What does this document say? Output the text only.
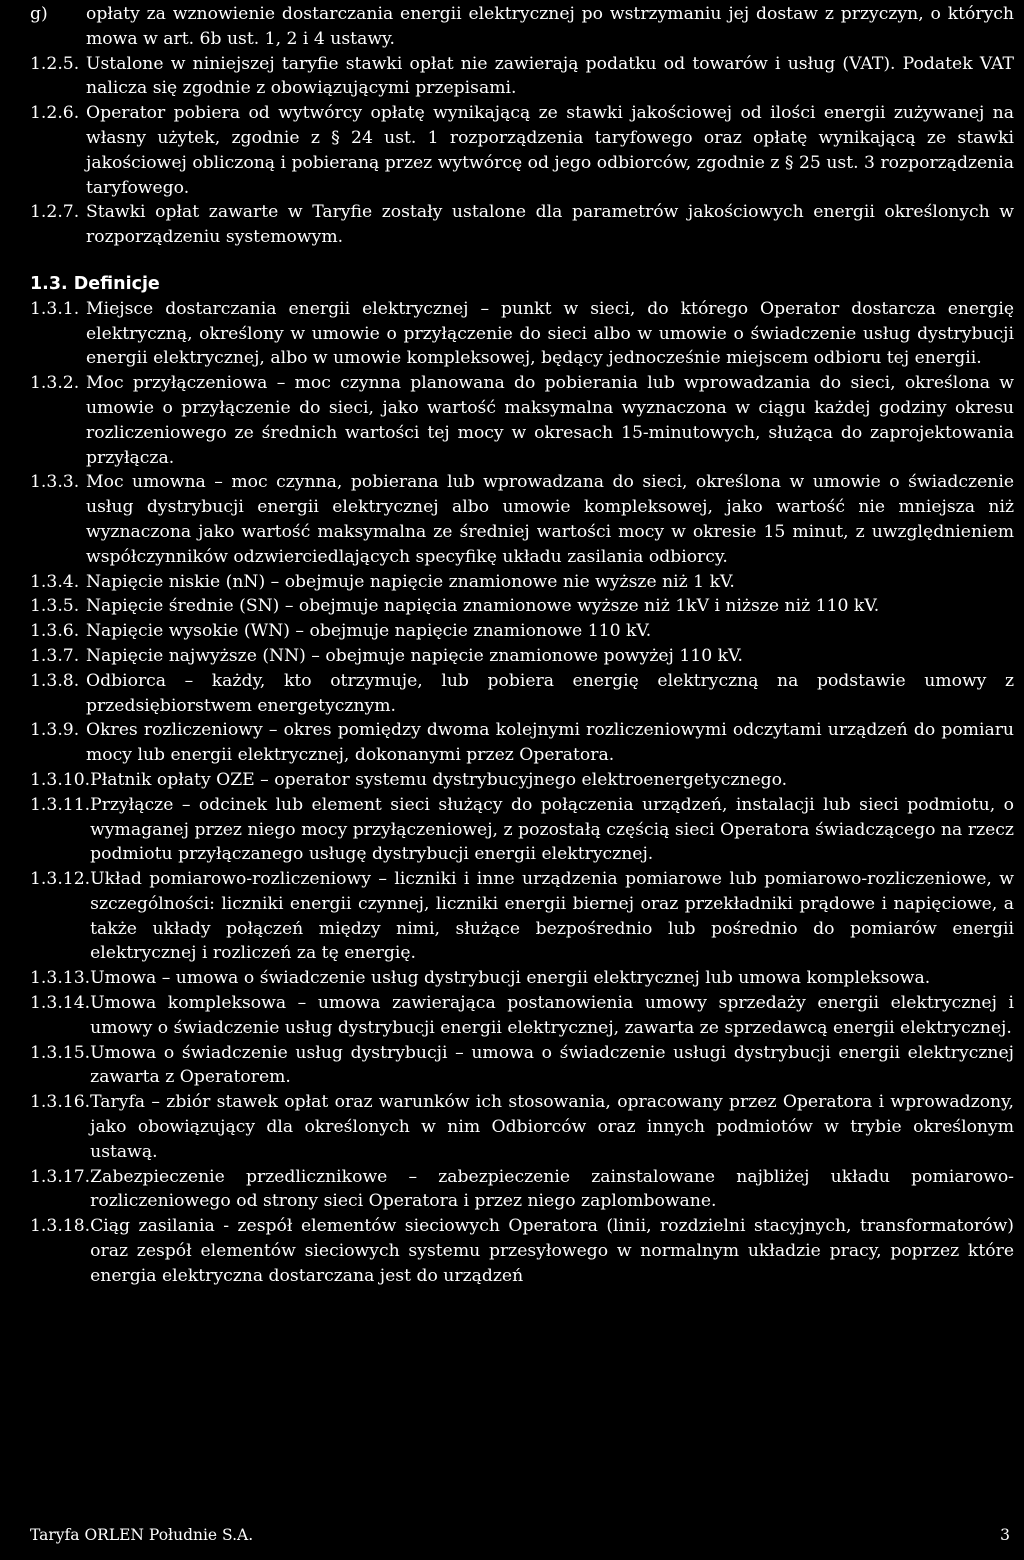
g)	opłaty za wznowienie dostarczania energii elektrycznej po wstrzymaniu jej dostaw z przyczyn, o których mowa w art. 6b ust. 1, 2 i 4 ustawy.
1.2.5. Ustalone w niniejszej taryfie stawki opłat nie zawierają podatku od towarów i usług (VAT). Podatek VAT nalicza się zgodnie z obowiązującymi przepisami.
1.2.6. Operator pobiera od wytwórcy opłatę wynikającą ze stawki jakościowej od ilości energii zużywanej na własny użytek, zgodnie z § 24 ust. 1 rozporządzenia taryfowego oraz opłatę wynikającą ze stawki jakościowej obliczoną i pobieraną przez wytwórcę od jego odbiorców, zgodnie z § 25 ust. 3 rozporządzenia taryfowego.
1.2.7. Stawki opłat zawarte w Taryfie zostały ustalone dla parametrów jakościowych energii określonych w rozporządzeniu systemowym.
1.3. Definicje
1.3.1. Miejsce dostarczania energii elektrycznej – punkt w sieci, do którego Operator dostarcza energię elektryczną, określony w umowie o przyłączenie do sieci albo w umowie o świadczenie usług dystrybucji energii elektrycznej, albo w umowie kompleksowej, będący jednocześnie miejscem odbioru tej energii.
1.3.2. Moc przyłączeniowa – moc czynna planowana do pobierania lub wprowadzania do sieci, określona w umowie o przyłączenie do sieci, jako wartość maksymalna wyznaczona w ciągu każdej godziny okresu rozliczeniowego ze średnich wartości tej mocy w okresach 15-minutowych, służąca do zaprojektowania przyłącza.
1.3.3. Moc umowna – moc czynna, pobierana lub wprowadzana do sieci, określona w umowie o świadczenie usług dystrybucji energii elektrycznej albo umowie kompleksowej, jako wartość nie mniejsza niż wyznaczona jako wartość maksymalna ze średniej wartości mocy w okresie 15 minut, z uwzględnieniem współczynników odzwierciedlających specyfikę układu zasilania odbiorcy.
1.3.4. Napięcie niskie (nN) – obejmuje napięcie znamionowe nie wyższe niż 1 kV.
1.3.5. Napięcie średnie (SN) – obejmuje napięcia znamionowe wyższe niż 1kV i niższe niż 110 kV.
1.3.6. Napięcie wysokie (WN) – obejmuje napięcie znamionowe 110 kV.
1.3.7. Napięcie najwyższe (NN) – obejmuje napięcie znamionowe powyżej 110 kV.
1.3.8. Odbiorca – każdy, kto otrzymuje, lub pobiera energię elektryczną na podstawie umowy z przedsiębiorstwem energetycznym.
1.3.9. Okres rozliczeniowy – okres pomiędzy dwoma kolejnymi rozliczeniowymi odczytami urządzeń do pomiaru mocy lub energii elektrycznej, dokonanymi przez Operatora.
1.3.10. Płatnik opłaty OZE – operator systemu dystrybucyjnego elektroenergetycznego.
1.3.11. Przyłącze – odcinek lub element sieci służący do połączenia urządzeń, instalacji lub sieci podmiotu, o wymaganej przez niego mocy przyłączeniowej, z pozostałą częścią sieci Operatora świadczącego na rzecz podmiotu przyłączanego usługę dystrybucji energii elektrycznej.
1.3.12. Układ pomiarowo-rozliczeniowy – liczniki i inne urządzenia pomiarowe lub pomiarowo-rozliczeniowe, w szczególności: liczniki energii czynnej, liczniki energii biernej oraz przekładniki prądowe i napięciowe, a także układy połączeń między nimi, służące bezpośrednio lub pośrednio do pomiarów energii elektrycznej i rozliczeń za tę energię.
1.3.13. Umowa – umowa o świadczenie usług dystrybucji energii elektrycznej lub umowa kompleksowa.
1.3.14. Umowa kompleksowa – umowa zawierająca postanowienia umowy sprzedaży energii elektrycznej i umowy o świadczenie usług dystrybucji energii elektrycznej, zawarta ze sprzedawcą energii elektrycznej.
1.3.15. Umowa o świadczenie usług dystrybucji – umowa o świadczenie usługi dystrybucji energii elektrycznej zawarta z Operatorem.
1.3.16. Taryfa – zbiór stawek opłat oraz warunków ich stosowania, opracowany przez Operatora i wprowadzony, jako obowiązujący dla określonych w nim Odbiorców oraz innych podmiotów w trybie określonym ustawą.
1.3.17. Zabezpieczenie przedlicznikowe – zabezpieczenie zainstalowane najbliżej układu pomiarowo-rozliczeniowego od strony sieci Operatora i przez niego zaplombowane.
1.3.18. Ciąg zasilania - zespół elementów sieciowych Operatora (linii, rozdzielni stacyjnych, transformatorów) oraz zespół elementów sieciowych systemu przesyłowego w normalnym układzie pracy, poprzez które energia elektryczna dostarczana jest do urządzeń
Taryfa ORLEN Południe S.A.	3
